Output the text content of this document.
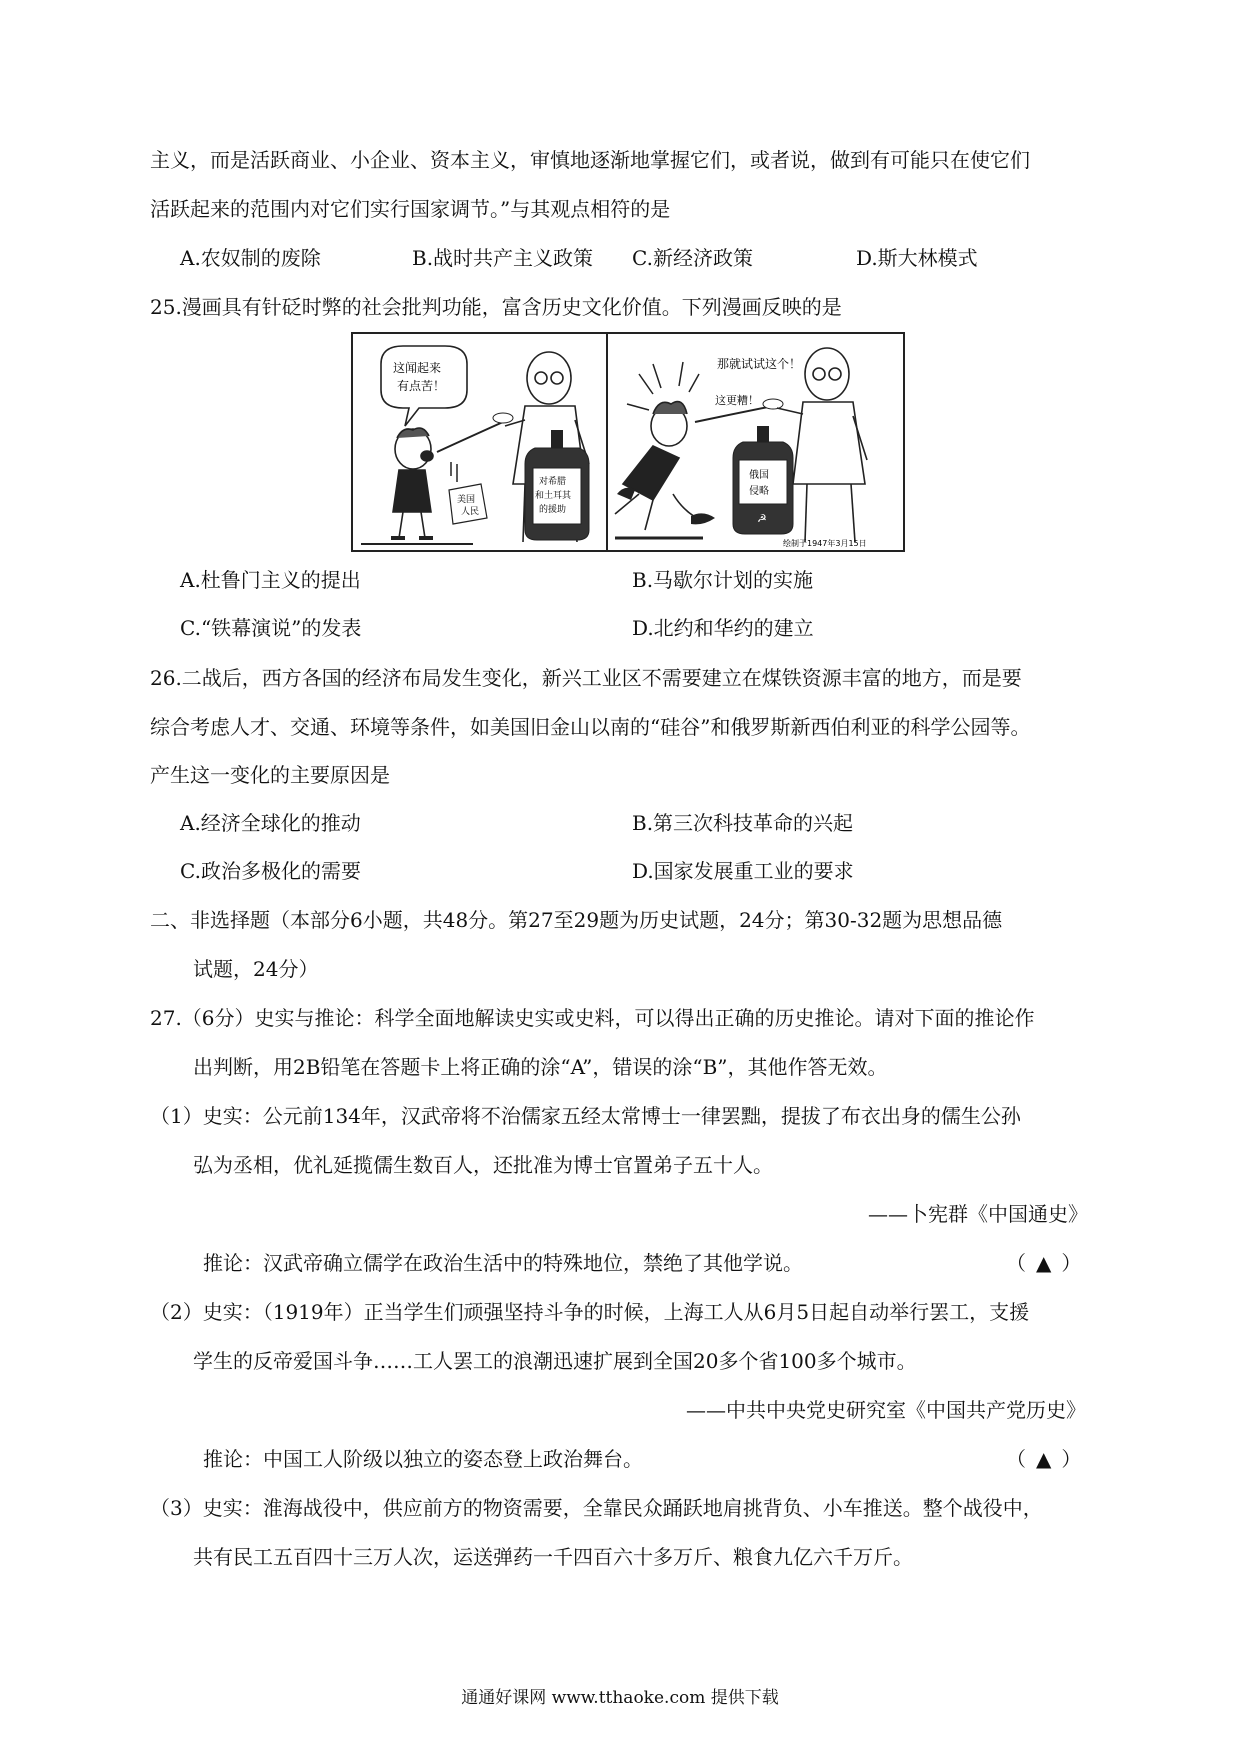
主义，而是活跃商业、小企业、资本主义，审慎地逐渐地掌握它们，或者说，做到有可能只在使它们
活跃起来的范围内对它们实行国家调节。”与其观点相符的是
A.农奴制的废除	B.战时共产主义政策 C.新经济政策	D.斯大林模式
25.漫画具有针砭时弊的社会批判功能，富含历史文化价值。下列漫画反映的是
这闻起来
有点苦！
美国
人民
对希腊
和土耳其
的援助
那就试试这个！
这更糟！
俄国
侵略
☭
绘制于1947年3月15日
A.杜鲁门主义的提出	B.马歇尔计划的实施
C.“铁幕演说”的发表	D.北约和华约的建立
26.二战后，西方各国的经济布局发生变化，新兴工业区不需要建立在煤铁资源丰富的地方，而是要
综合考虑人才、交通、环境等条件，如美国旧金山以南的“硅谷”和俄罗斯新西伯利亚的科学公园等。
产生这一变化的主要原因是
A.经济全球化的推动	B.第三次科技革命的兴起
C.政治多极化的需要	D.国家发展重工业的要求
二、非选择题（本部分6小题，共48分。第27至29题为历史试题，24分；第30-32题为思想品德
试题，24分）
27.（6分）史实与推论：科学全面地解读史实或史料，可以得出正确的历史推论。请对下面的推论作
出判断，用2B铅笔在答题卡上将正确的涂“A”，错误的涂“B”，其他作答无效。
（1）史实：公元前134年，汉武帝将不治儒家五经太常博士一律罢黜，提拔了布衣出身的儒生公孙
弘为丞相，优礼延揽儒生数百人，还批准为博士官置弟子五十人。
——卜宪群《中国通史》
推论：汉武帝确立儒学在政治生活中的特殊地位，禁绝了其他学说。	（▲）
（2）史实：（1919年）正当学生们顽强坚持斗争的时候，上海工人从6月5日起自动举行罢工，支援
学生的反帝爱国斗争……工人罢工的浪潮迅速扩展到全国20多个省100多个城市。
——中共中央党史研究室《中国共产党历史》
推论：中国工人阶级以独立的姿态登上政治舞台。	（▲）
（3）史实：淮海战役中，供应前方的物资需要，全靠民众踊跃地肩挑背负、小车推送。整个战役中，
共有民工五百四十三万人次，运送弹药一千四百六十多万斤、粮食九亿六千万斤。
通通好课网 www.tthaoke.com 提供下载
